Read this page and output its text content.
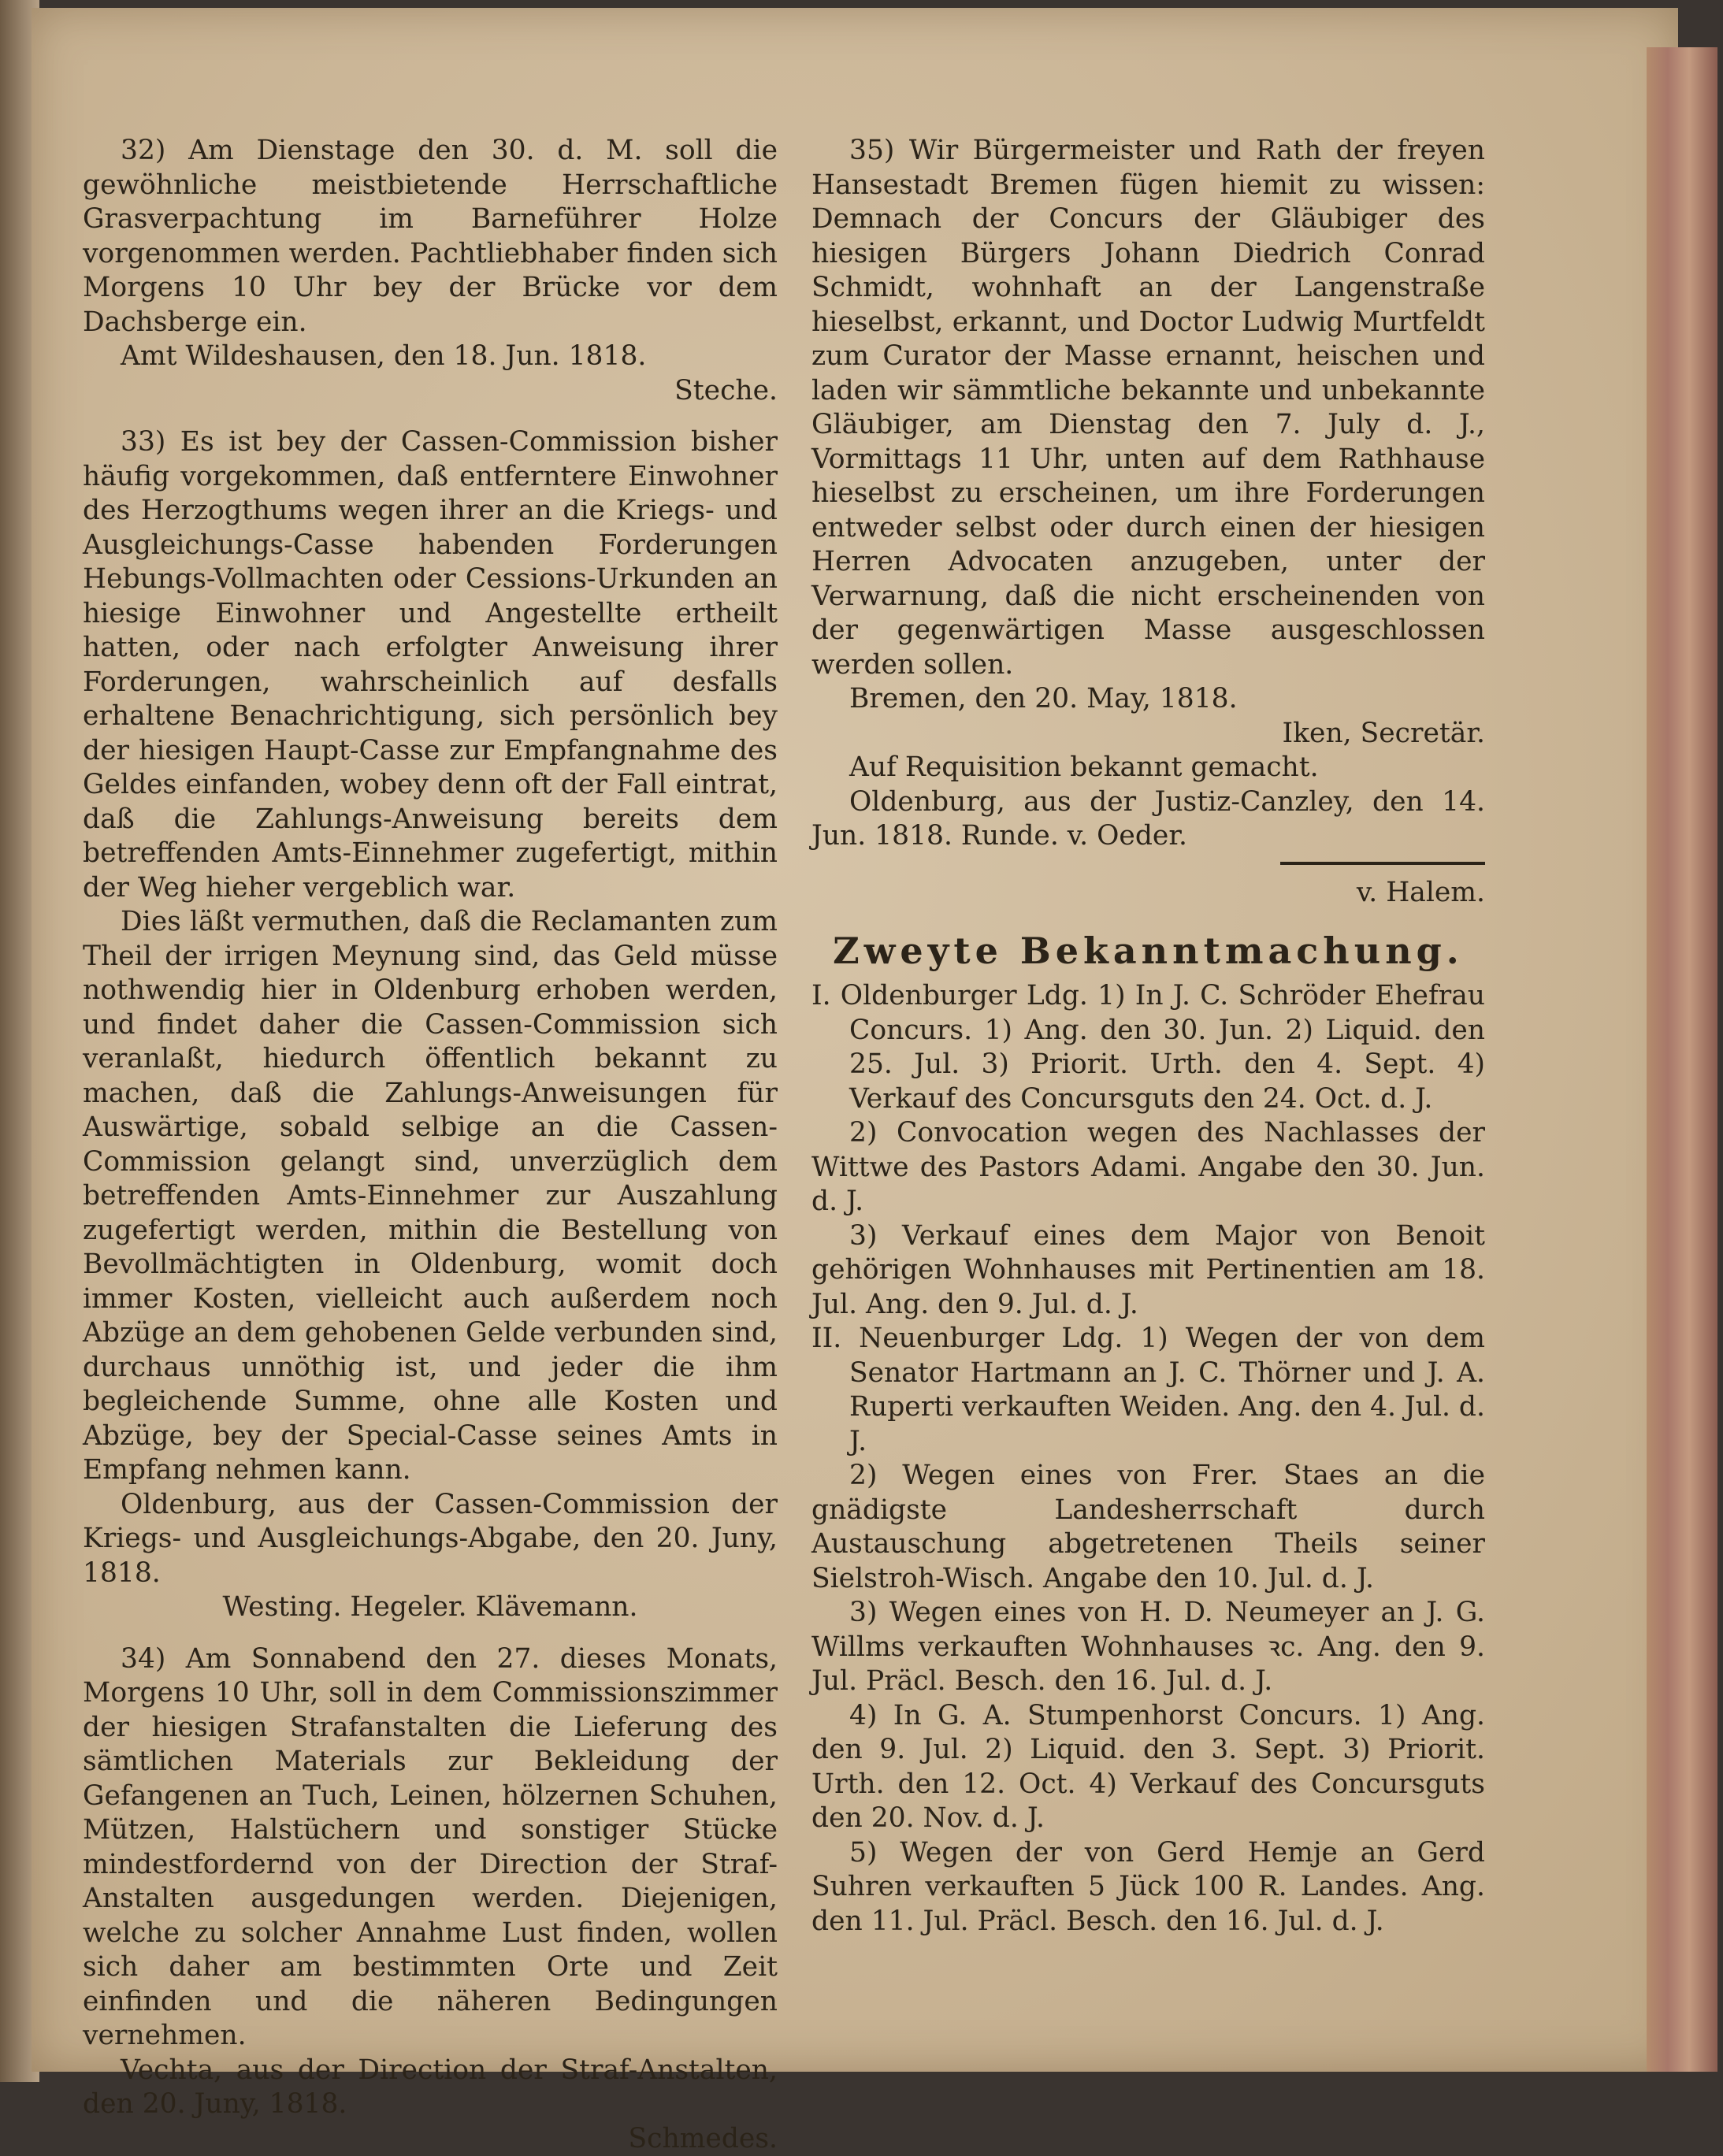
32) Am Dienstage den 30. d. M. soll die gewöhnliche meistbietende Herrschaftliche Grasverpachtung im Barneführer Holze vorgenommen werden. Pachtliebhaber finden sich Morgens 10 Uhr bey der Brücke vor dem Dachsberge ein.

Amt Wildeshausen, den 18. Jun. 1818.

Steche.

33) Es ist bey der Cassen-Commission bisher häufig vorgekommen, daß entferntere Einwohner des Herzogthums wegen ihrer an die Kriegs- und Ausgleichungs-Casse habenden Forderungen Hebungs-Vollmachten oder Cessions-Urkunden an hiesige Einwohner und Angestellte ertheilt hatten, oder nach erfolgter Anweisung ihrer Forderungen, wahrscheinlich auf desfalls erhaltene Benachrichtigung, sich persönlich bey der hiesigen Haupt-Casse zur Empfangnahme des Geldes einfanden, wobey denn oft der Fall eintrat, daß die Zahlungs-Anweisung bereits dem betreffenden Amts-Einnehmer zugefertigt, mithin der Weg hieher vergeblich war.

Dies läßt vermuthen, daß die Reclamanten zum Theil der irrigen Meynung sind, das Geld müsse nothwendig hier in Oldenburg erhoben werden, und findet daher die Cassen-Commission sich veranlaßt, hiedurch öffentlich bekannt zu machen, daß die Zahlungs-Anweisungen für Auswärtige, sobald selbige an die Cassen-Commission gelangt sind, unverzüglich dem betreffenden Amts-Einnehmer zur Auszahlung zugefertigt werden, mithin die Bestellung von Bevollmächtigten in Oldenburg, womit doch immer Kosten, vielleicht auch außerdem noch Abzüge an dem gehobenen Gelde verbunden sind, durchaus unnöthig ist, und jeder die ihm begleichende Summe, ohne alle Kosten und Abzüge, bey der Special-Casse seines Amts in Empfang nehmen kann.

Oldenburg, aus der Cassen-Commission der Kriegs- und Ausgleichungs-Abgabe, den 20. Juny, 1818.

Westing. Hegeler. Klävemann.

34) Am Sonnabend den 27. dieses Monats, Morgens 10 Uhr, soll in dem Commissionszimmer der hiesigen Strafanstalten die Lieferung des sämtlichen Materials zur Bekleidung der Gefangenen an Tuch, Leinen, hölzernen Schuhen, Mützen, Halstüchern und sonstiger Stücke mindestfordernd von der Direction der Straf-Anstalten ausgedungen werden. Diejenigen, welche zu solcher Annahme Lust finden, wollen sich daher am bestimmten Orte und Zeit einfinden und die näheren Bedingungen vernehmen.

Vechta, aus der Direction der Straf-Anstalten, den 20. Juny, 1818.

Schmedes.

35) Wir Bürgermeister und Rath der freyen Hansestadt Bremen fügen hiemit zu wissen: Demnach der Concurs der Gläubiger des hiesigen Bürgers Johann Diedrich Conrad Schmidt, wohnhaft an der Langenstraße hieselbst, erkannt, und Doctor Ludwig Murtfeldt zum Curator der Masse ernannt, heischen und laden wir sämmtliche bekannte und unbekannte Gläubiger, am Dienstag den 7. July d. J., Vormittags 11 Uhr, unten auf dem Rathhause hieselbst zu erscheinen, um ihre Forderungen entweder selbst oder durch einen der hiesigen Herren Advocaten anzugeben, unter der Verwarnung, daß die nicht erscheinenden von der gegenwärtigen Masse ausgeschlossen werden sollen.

Bremen, den 20. May, 1818.

Iken, Secretär.

Auf Requisition bekannt gemacht.

Oldenburg, aus der Justiz-Canzley, den 14. Jun. 1818. Runde. v. Oeder.

v. Halem.

Zweyte Bekanntmachung.

I. Oldenburger Ldg. 1) In J. C. Schröder Ehefrau Concurs. 1) Ang. den 30. Jun. 2) Liquid. den 25. Jul. 3) Priorit. Urth. den 4. Sept. 4) Verkauf des Concursguts den 24. Oct. d. J.

2) Convocation wegen des Nachlasses der Wittwe des Pastors Adami. Angabe den 30. Jun. d. J.

3) Verkauf eines dem Major von Benoit gehörigen Wohnhauses mit Pertinentien am 18. Jul. Ang. den 9. Jul. d. J.

II. Neuenburger Ldg. 1) Wegen der von dem Senator Hartmann an J. C. Thörner und J. A. Ruperti verkauften Weiden. Ang. den 4. Jul. d. J.

2) Wegen eines von Frer. Staes an die gnädigste Landesherrschaft durch Austauschung abgetretenen Theils seiner Sielstroh-Wisch. Angabe den 10. Jul. d. J.

3) Wegen eines von H. D. Neumeyer an J. G. Willms verkauften Wohnhauses ꝛc. Ang. den 9. Jul. Präcl. Besch. den 16. Jul. d. J.

4) In G. A. Stumpenhorst Concurs. 1) Ang. den 9. Jul. 2) Liquid. den 3. Sept. 3) Priorit. Urth. den 12. Oct. 4) Verkauf des Concursguts den 20. Nov. d. J.

5) Wegen der von Gerd Hemje an Gerd Suhren verkauften 5 Jück 100 R. Landes. Ang. den 11. Jul. Präcl. Besch. den 16. Jul. d. J.
